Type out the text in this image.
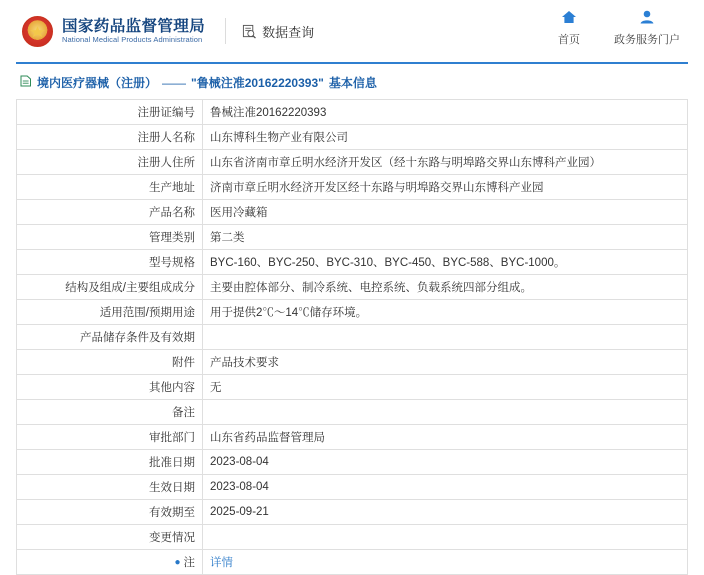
国家药品监督管理局
National Medical Products Administration	数据查询
首页	政务服务门户
境内医疗器械（注册） —— "鲁械注准20162220393" 基本信息
注册证编号	鲁械注准20162220393
注册人名称	山东博科生物产业有限公司
注册人住所	山东省济南市章丘明水经济开发区（经十东路与明埠路交界山东博科产业园）
生产地址	济南市章丘明水经济开发区经十东路与明埠路交界山东博科产业园
产品名称	医用冷藏箱
管理类别	第二类
型号规格	BYC-160、BYC-250、BYC-310、BYC-450、BYC-588、BYC-1000。
结构及组成/主要组成成分	主要由腔体部分、制冷系统、电控系统、负载系统四部分组成。
适用范围/预期用途	用于提供2℃～14℃储存环境。
产品储存条件及有效期	
附件	产品技术要求
其他内容	无
备注	
审批部门	山东省药品监督管理局
批准日期	2023-08-04
生效日期	2023-08-04
有效期至	2025-09-21
变更情况	

● 注	详情
